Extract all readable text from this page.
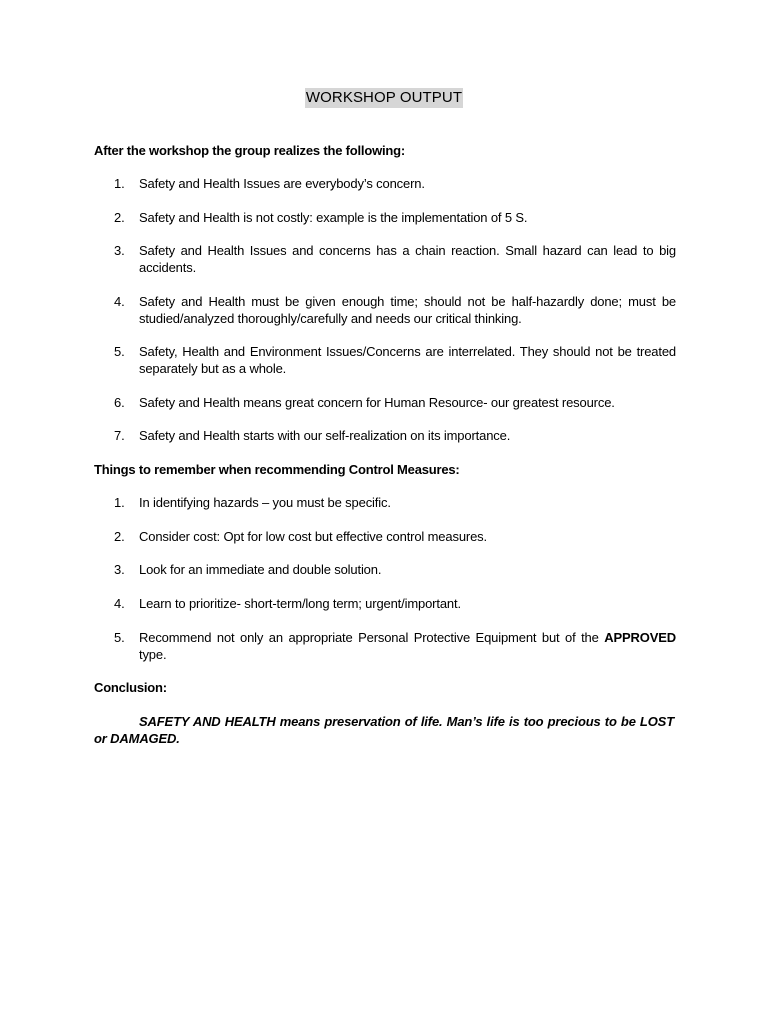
WORKSHOP OUTPUT
After the workshop the group realizes the following:
1.	Safety and Health Issues are everybody’s concern.
2.	Safety and Health is not costly: example is the implementation of 5 S.
3.	Safety and Health Issues and concerns has a chain reaction. Small hazard can lead to big accidents.
4.	Safety and Health must be given enough time; should not be half-hazardly done; must be studied/analyzed thoroughly/carefully and needs our critical thinking.
5.	Safety, Health and Environment Issues/Concerns are interrelated. They should not be treated separately but as a whole.
6.	Safety and Health means great concern for Human Resource- our greatest resource.
7.	Safety and Health starts with our self-realization on its importance.
Things to remember when recommending Control Measures:
1.	In identifying hazards – you must be specific.
2.	Consider cost: Opt for low cost but effective control measures.
3.	Look for an immediate and double solution.
4.	Learn to prioritize- short-term/long term; urgent/important.
5.	Recommend not only an appropriate Personal Protective Equipment but of the APPROVED type.
Conclusion:
SAFETY AND HEALTH means preservation of life. Man’s life is too precious to be LOST or DAMAGED.
